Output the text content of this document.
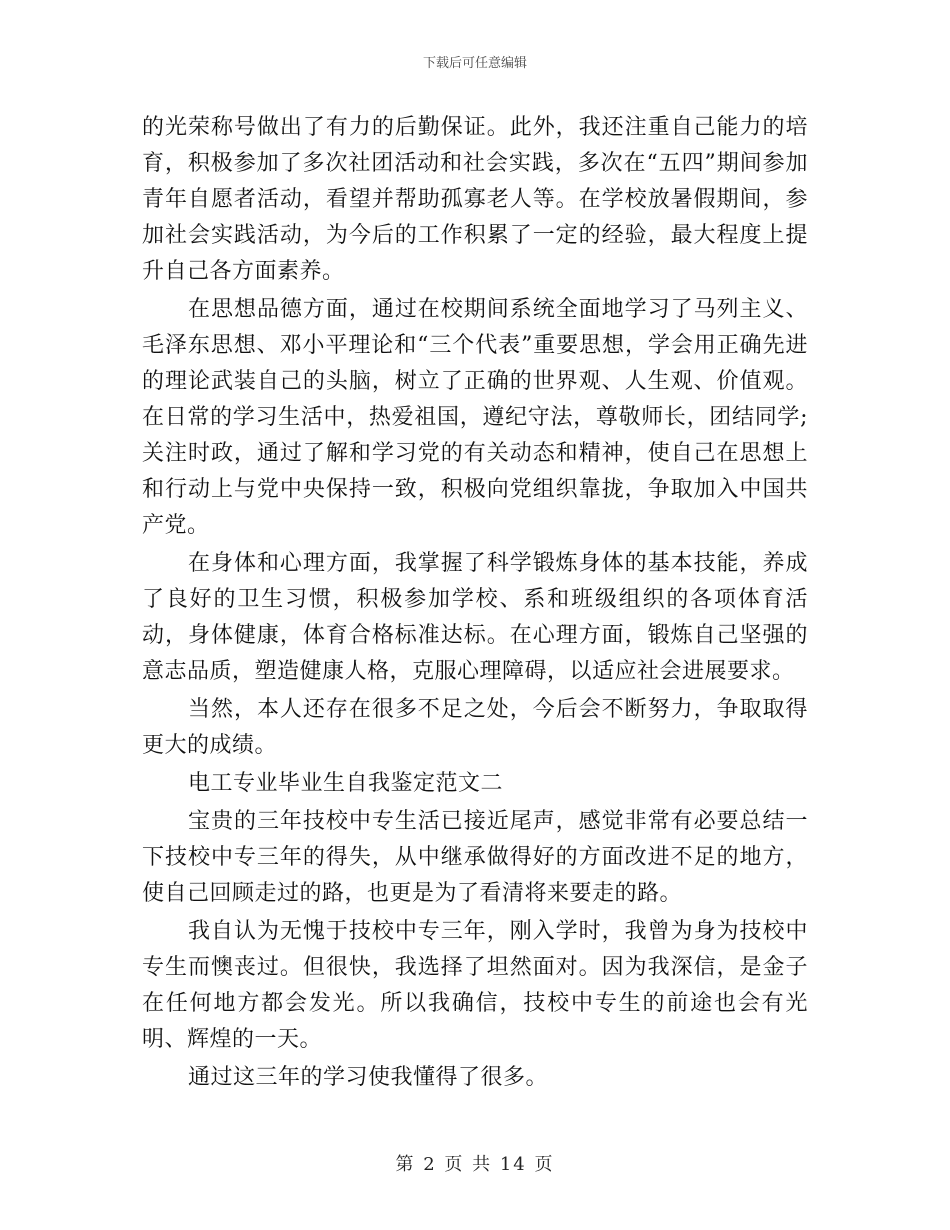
下载后可任意编辑

的光荣称号做出了有力的后勤保证。此外，我还注重自己能力的培育，积极参加了多次社团活动和社会实践，多次在“五四”期间参加青年自愿者活动，看望并帮助孤寡老人等。在学校放暑假期间，参加社会实践活动，为今后的工作积累了一定的经验，最大程度上提升自己各方面素养。

在思想品德方面，通过在校期间系统全面地学习了马列主义、毛泽东思想、邓小平理论和“三个代表”重要思想，学会用正确先进的理论武装自己的头脑，树立了正确的世界观、人生观、价值观。在日常的学习生活中，热爱祖国，遵纪守法，尊敬师长，团结同学;关注时政，通过了解和学习党的有关动态和精神，使自己在思想上和行动上与党中央保持一致，积极向党组织靠拢，争取加入中国共产党。

在身体和心理方面，我掌握了科学锻炼身体的基本技能，养成了良好的卫生习惯，积极参加学校、系和班级组织的各项体育活动，身体健康，体育合格标准达标。在心理方面，锻炼自己坚强的意志品质，塑造健康人格，克服心理障碍，以适应社会进展要求。

当然，本人还存在很多不足之处，今后会不断努力，争取取得更大的成绩。

电工专业毕业生自我鉴定范文二

宝贵的三年技校中专生活已接近尾声，感觉非常有必要总结一下技校中专三年的得失，从中继承做得好的方面改进不足的地方，使自己回顾走过的路，也更是为了看清将来要走的路。

我自认为无愧于技校中专三年，刚入学时，我曾为身为技校中专生而懊丧过。但很快，我选择了坦然面对。因为我深信，是金子在任何地方都会发光。所以我确信，技校中专生的前途也会有光明、辉煌的一天。

通过这三年的学习使我懂得了很多。

第 2 页 共 14 页
